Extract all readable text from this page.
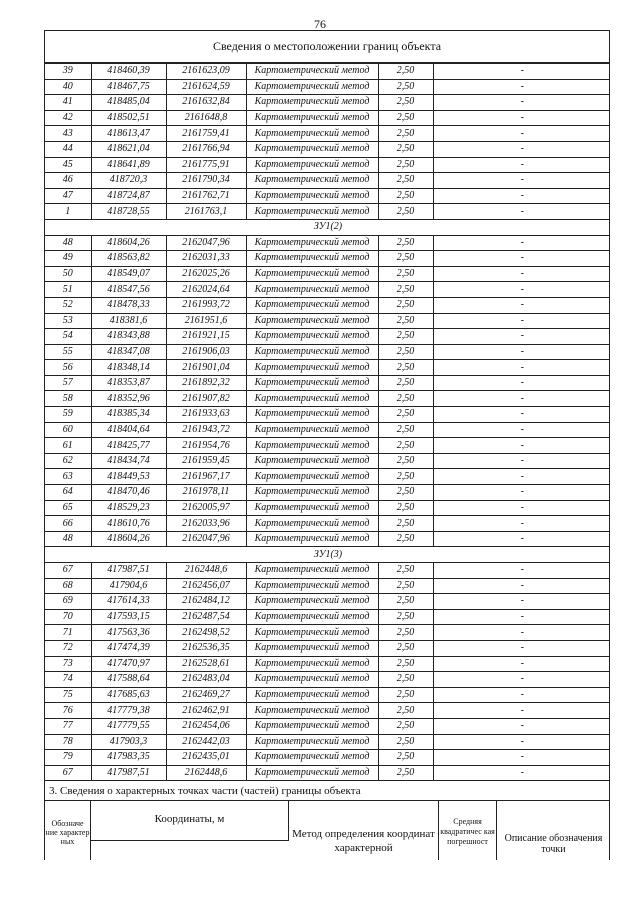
76
Сведения о местоположении границ объекта
39	418460,39	2161623,09	Картометрический метод	2,50	-
40	418467,75	2161624,59	Картометрический метод	2,50	-
41	418485,04	2161632,84	Картометрический метод	2,50	-
42	418502,51	2161648,8	Картометрический метод	2,50	-
43	418613,47	2161759,41	Картометрический метод	2,50	-
44	418621,04	2161766,94	Картометрический метод	2,50	-
45	418641,89	2161775,91	Картометрический метод	2,50	-
46	418720,3	2161790,34	Картометрический метод	2,50	-
47	418724,87	2161762,71	Картометрический метод	2,50	-
1	418728,55	2161763,1	Картометрический метод	2,50	-
ЗУ1(2)					
48	418604,26	2162047,96	Картометрический метод	2,50	-
49	418563,82	2162031,33	Картометрический метод	2,50	-
50	418549,07	2162025,26	Картометрический метод	2,50	-
51	418547,56	2162024,64	Картометрический метод	2,50	-
52	418478,33	2161993,72	Картометрический метод	2,50	-
53	418381,6	2161951,6	Картометрический метод	2,50	-
54	418343,88	2161921,15	Картометрический метод	2,50	-
55	418347,08	2161906,03	Картометрический метод	2,50	-
56	418348,14	2161901,04	Картометрический метод	2,50	-
57	418353,87	2161892,32	Картометрический метод	2,50	-
58	418352,96	2161907,82	Картометрический метод	2,50	-
59	418385,34	2161933,63	Картометрический метод	2,50	-
60	418404,64	2161943,72	Картометрический метод	2,50	-
61	418425,77	2161954,76	Картометрический метод	2,50	-
62	418434,74	2161959,45	Картометрический метод	2,50	-
63	418449,53	2161967,17	Картометрический метод	2,50	-
64	418470,46	2161978,11	Картометрический метод	2,50	-
65	418529,23	2162005,97	Картометрический метод	2,50	-
66	418610,76	2162033,96	Картометрический метод	2,50	-
48	418604,26	2162047,96	Картометрический метод	2,50	-
ЗУ1(3)					
67	417987,51	2162448,6	Картометрический метод	2,50	-
68	417904,6	2162456,07	Картометрический метод	2,50	-
69	417614,33	2162484,12	Картометрический метод	2,50	-
70	417593,15	2162487,54	Картометрический метод	2,50	-
71	417563,36	2162498,52	Картометрический метод	2,50	-
72	417474,39	2162536,35	Картометрический метод	2,50	-
73	417470,97	2162528,61	Картометрический метод	2,50	-
74	417588,64	2162483,04	Картометрический метод	2,50	-
75	417685,63	2162469,27	Картометрический метод	2,50	-
76	417779,38	2162462,91	Картометрический метод	2,50	-
77	417779,55	2162454,06	Картометрический метод	2,50	-
78	417903,3	2162442,03	Картометрический метод	2,50	-
79	417983,35	2162435,01	Картометрический метод	2,50	-
67	417987,51	2162448,6	Картометрический метод	2,50	-
3. Сведения о характерных точках части (частей) границы объекта
Обозначе ние характер ных
Координаты, м
Метод определения координат характерной
Средняя квадратичес кая погрешност	Описание обозначения точки
